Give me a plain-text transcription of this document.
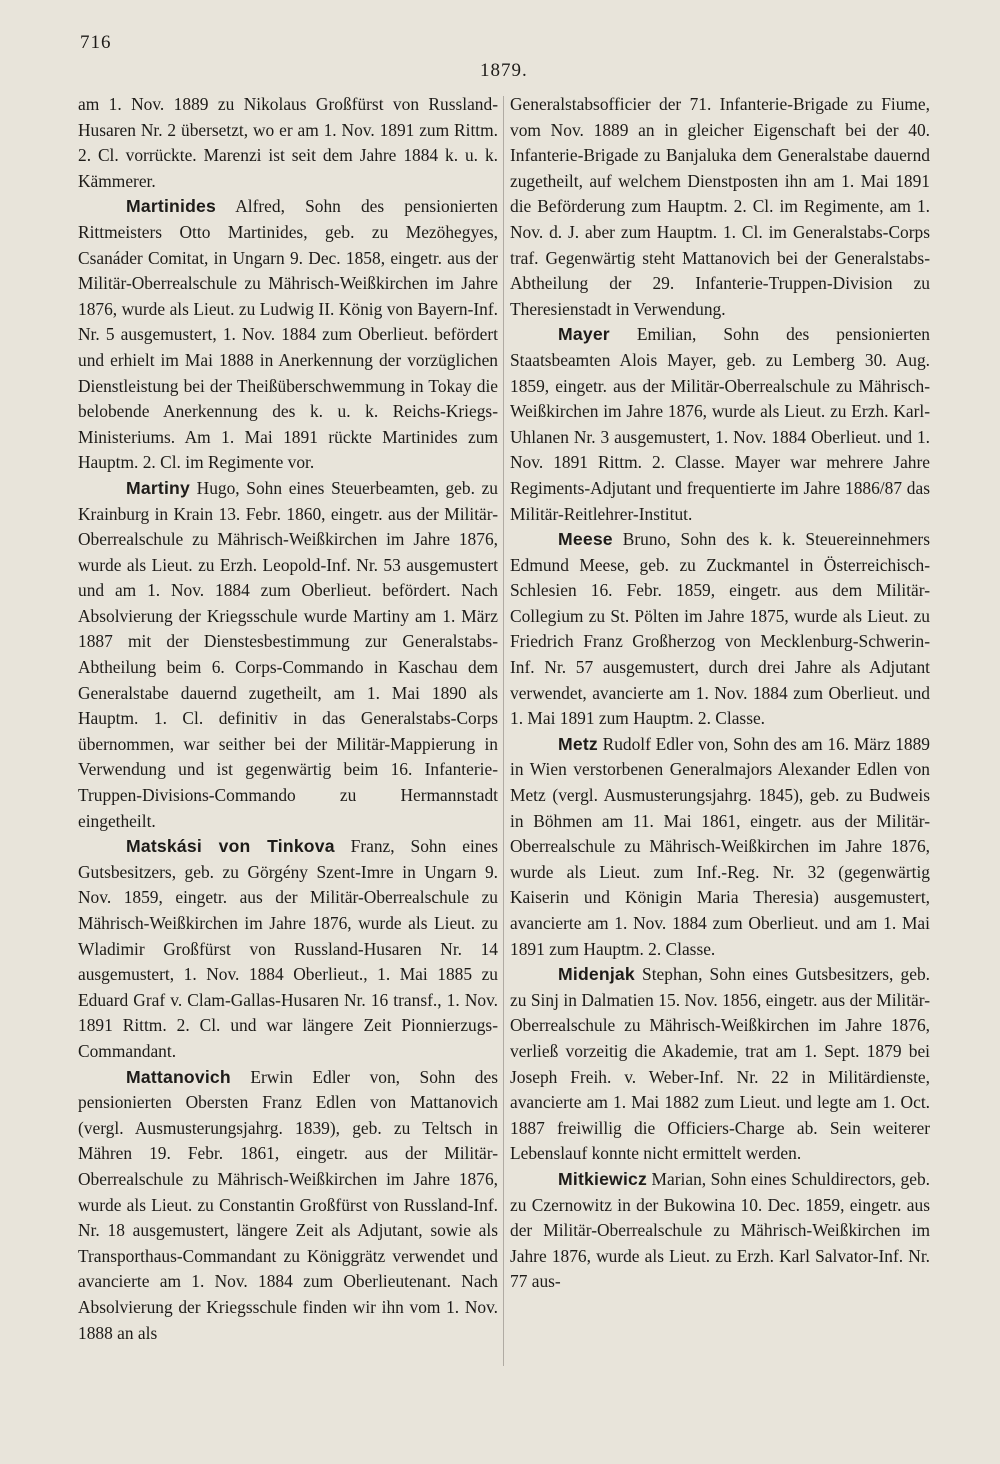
716
1879.

am 1. Nov. 1889 zu Nikolaus Großfürst von Russland-Husaren Nr. 2 übersetzt, wo er am 1. Nov. 1891 zum Rittm. 2. Cl. vorrückte. Marenzi ist seit dem Jahre 1884 k. u. k. Kämmerer.

Martinides Alfred, Sohn des pensionierten Rittmeisters Otto Martinides, geb. zu Mezöhegyes, Csanáder Comitat, in Ungarn 9. Dec. 1858, eingetr. aus der Militär-Oberrealschule zu Mährisch-Weißkirchen im Jahre 1876, wurde als Lieut. zu Ludwig II. König von Bayern-Inf. Nr. 5 ausgemustert, 1. Nov. 1884 zum Oberlieut. befördert und erhielt im Mai 1888 in Anerkennung der vorzüglichen Dienstleistung bei der Theißüberschwemmung in Tokay die belobende Anerkennung des k. u. k. Reichs-Kriegs-Ministeriums. Am 1. Mai 1891 rückte Martinides zum Hauptm. 2. Cl. im Regimente vor.

Martiny Hugo, Sohn eines Steuerbeamten, geb. zu Krainburg in Krain 13. Febr. 1860, eingetr. aus der Militär-Oberrealschule zu Mährisch-Weißkirchen im Jahre 1876, wurde als Lieut. zu Erzh. Leopold-Inf. Nr. 53 ausgemustert und am 1. Nov. 1884 zum Oberlieut. befördert. Nach Absolvierung der Kriegsschule wurde Martiny am 1. März 1887 mit der Dienstesbestimmung zur Generalstabs-Abtheilung beim 6. Corps-Commando in Kaschau dem Generalstabe dauernd zugetheilt, am 1. Mai 1890 als Hauptm. 1. Cl. definitiv in das Generalstabs-Corps übernommen, war seither bei der Militär-Mappierung in Verwendung und ist gegenwärtig beim 16. Infanterie-Truppen-Divisions-Commando zu Hermannstadt eingetheilt.

Matskási von Tinkova Franz, Sohn eines Gutsbesitzers, geb. zu Görgény Szent-Imre in Ungarn 9. Nov. 1859, eingetr. aus der Militär-Oberrealschule zu Mährisch-Weißkirchen im Jahre 1876, wurde als Lieut. zu Wladimir Großfürst von Russland-Husaren Nr. 14 ausgemustert, 1. Nov. 1884 Oberlieut., 1. Mai 1885 zu Eduard Graf v. Clam-Gallas-Husaren Nr. 16 transf., 1. Nov. 1891 Rittm. 2. Cl. und war längere Zeit Pionnierzugs-Commandant.

Mattanovich Erwin Edler von, Sohn des pensionierten Obersten Franz Edlen von Mattanovich (vergl. Ausmusterungsjahrg. 1839), geb. zu Teltsch in Mähren 19. Febr. 1861, eingetr. aus der Militär-Oberrealschule zu Mährisch-Weißkirchen im Jahre 1876, wurde als Lieut. zu Constantin Großfürst von Russland-Inf. Nr. 18 ausgemustert, längere Zeit als Adjutant, sowie als Transporthaus-Commandant zu Königgrätz verwendet und avancierte am 1. Nov. 1884 zum Oberlieutenant. Nach Absolvierung der Kriegsschule finden wir ihn vom 1. Nov. 1888 an als

Generalstabsofficier der 71. Infanterie-Brigade zu Fiume, vom Nov. 1889 an in gleicher Eigenschaft bei der 40. Infanterie-Brigade zu Banjaluka dem Generalstabe dauernd zugetheilt, auf welchem Dienstposten ihn am 1. Mai 1891 die Beförderung zum Hauptm. 2. Cl. im Regimente, am 1. Nov. d. J. aber zum Hauptm. 1. Cl. im Generalstabs-Corps traf. Gegenwärtig steht Mattanovich bei der Generalstabs-Abtheilung der 29. Infanterie-Truppen-Division zu Theresienstadt in Verwendung.

Mayer Emilian, Sohn des pensionierten Staatsbeamten Alois Mayer, geb. zu Lemberg 30. Aug. 1859, eingetr. aus der Militär-Oberrealschule zu Mährisch-Weißkirchen im Jahre 1876, wurde als Lieut. zu Erzh. Karl-Uhlanen Nr. 3 ausgemustert, 1. Nov. 1884 Oberlieut. und 1. Nov. 1891 Rittm. 2. Classe. Mayer war mehrere Jahre Regiments-Adjutant und frequentierte im Jahre 1886/87 das Militär-Reitlehrer-Institut.

Meese Bruno, Sohn des k. k. Steuereinnehmers Edmund Meese, geb. zu Zuckmantel in Österreichisch-Schlesien 16. Febr. 1859, eingetr. aus dem Militär-Collegium zu St. Pölten im Jahre 1875, wurde als Lieut. zu Friedrich Franz Großherzog von Mecklenburg-Schwerin-Inf. Nr. 57 ausgemustert, durch drei Jahre als Adjutant verwendet, avancierte am 1. Nov. 1884 zum Oberlieut. und 1. Mai 1891 zum Hauptm. 2. Classe.

Metz Rudolf Edler von, Sohn des am 16. März 1889 in Wien verstorbenen Generalmajors Alexander Edlen von Metz (vergl. Ausmusterungsjahrg. 1845), geb. zu Budweis in Böhmen am 11. Mai 1861, eingetr. aus der Militär-Oberrealschule zu Mährisch-Weißkirchen im Jahre 1876, wurde als Lieut. zum Inf.-Reg. Nr. 32 (gegenwärtig Kaiserin und Königin Maria Theresia) ausgemustert, avancierte am 1. Nov. 1884 zum Oberlieut. und am 1. Mai 1891 zum Hauptm. 2. Classe.

Midenjak Stephan, Sohn eines Gutsbesitzers, geb. zu Sinj in Dalmatien 15. Nov. 1856, eingetr. aus der Militär-Oberrealschule zu Mährisch-Weißkirchen im Jahre 1876, verließ vorzeitig die Akademie, trat am 1. Sept. 1879 bei Joseph Freih. v. Weber-Inf. Nr. 22 in Militärdienste, avancierte am 1. Mai 1882 zum Lieut. und legte am 1. Oct. 1887 freiwillig die Officiers-Charge ab. Sein weiterer Lebenslauf konnte nicht ermittelt werden.

Mitkiewicz Marian, Sohn eines Schuldirectors, geb. zu Czernowitz in der Bukowina 10. Dec. 1859, eingetr. aus der Militär-Oberrealschule zu Mährisch-Weißkirchen im Jahre 1876, wurde als Lieut. zu Erzh. Karl Salvator-Inf. Nr. 77 aus-
